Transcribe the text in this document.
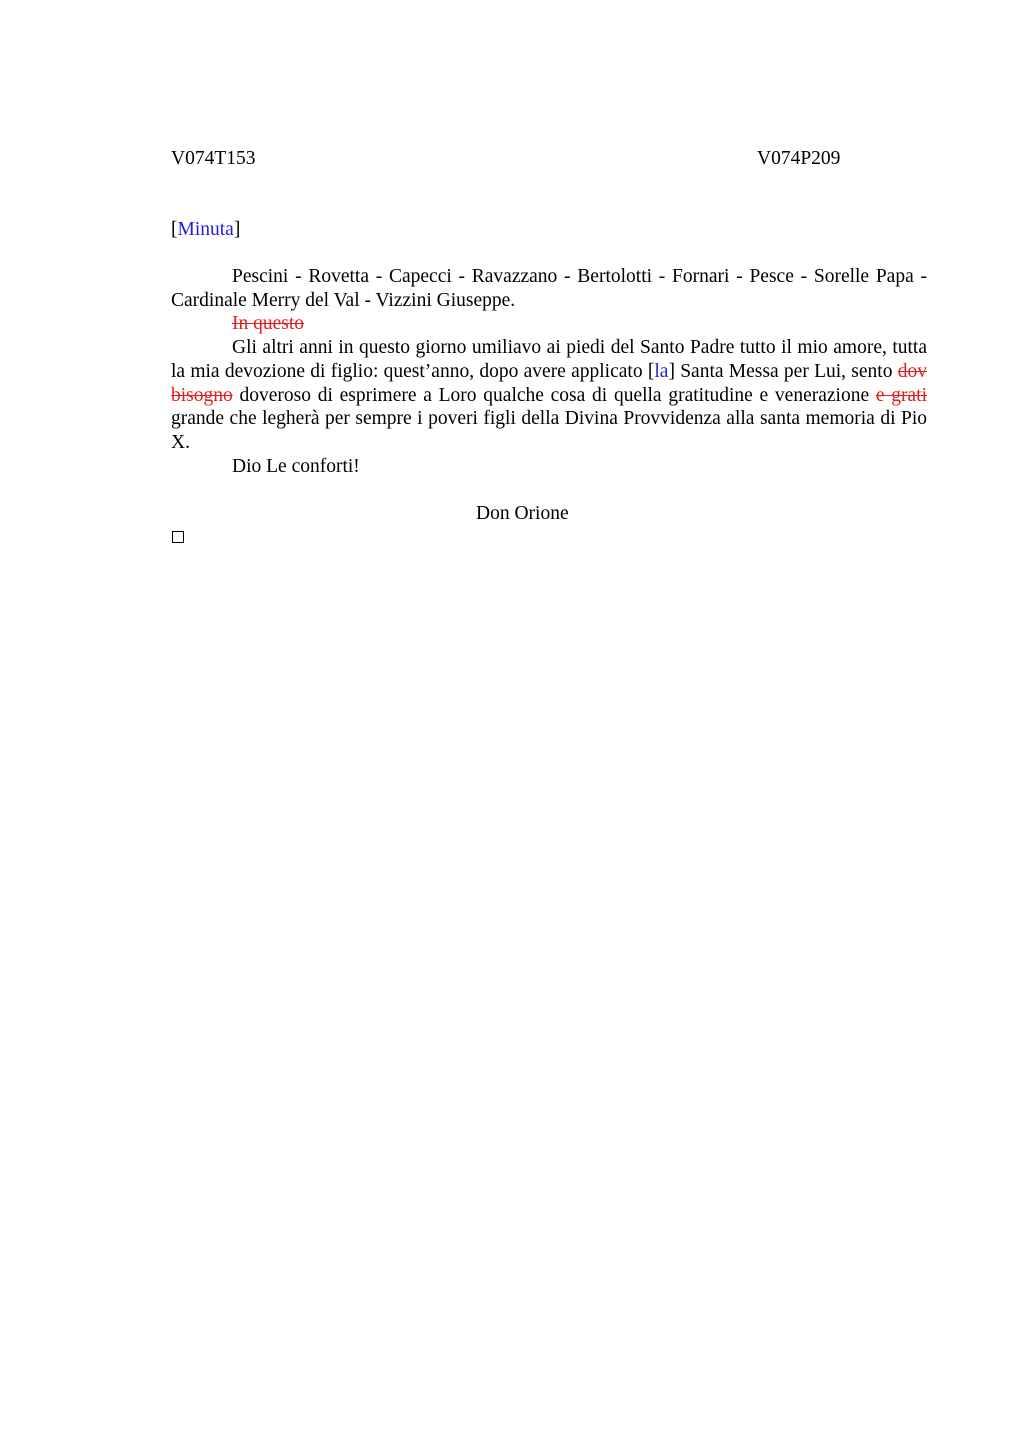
V074T153	V074P209
[Minuta]

Pescini - Rovetta - Capecci - Ravazzano - Bertolotti - Fornari - Pesce - Sorelle Papa - Cardinale Merry del Val - Vizzini Giuseppe.

In questo

Gli altri anni in questo giorno umiliavo ai piedi del Santo Padre tutto il mio amore, tutta la mia devozione di figlio: quest’anno, dopo avere applicato [la] Santa Messa per Lui, sento dov bisogno doveroso di esprimere a Loro qualche cosa di quella gratitudine e venerazione e grati grande che legherà per sempre i poveri figli della Divina Provvidenza alla santa memoria di Pio X.

Dio Le conforti!

Don Orione
